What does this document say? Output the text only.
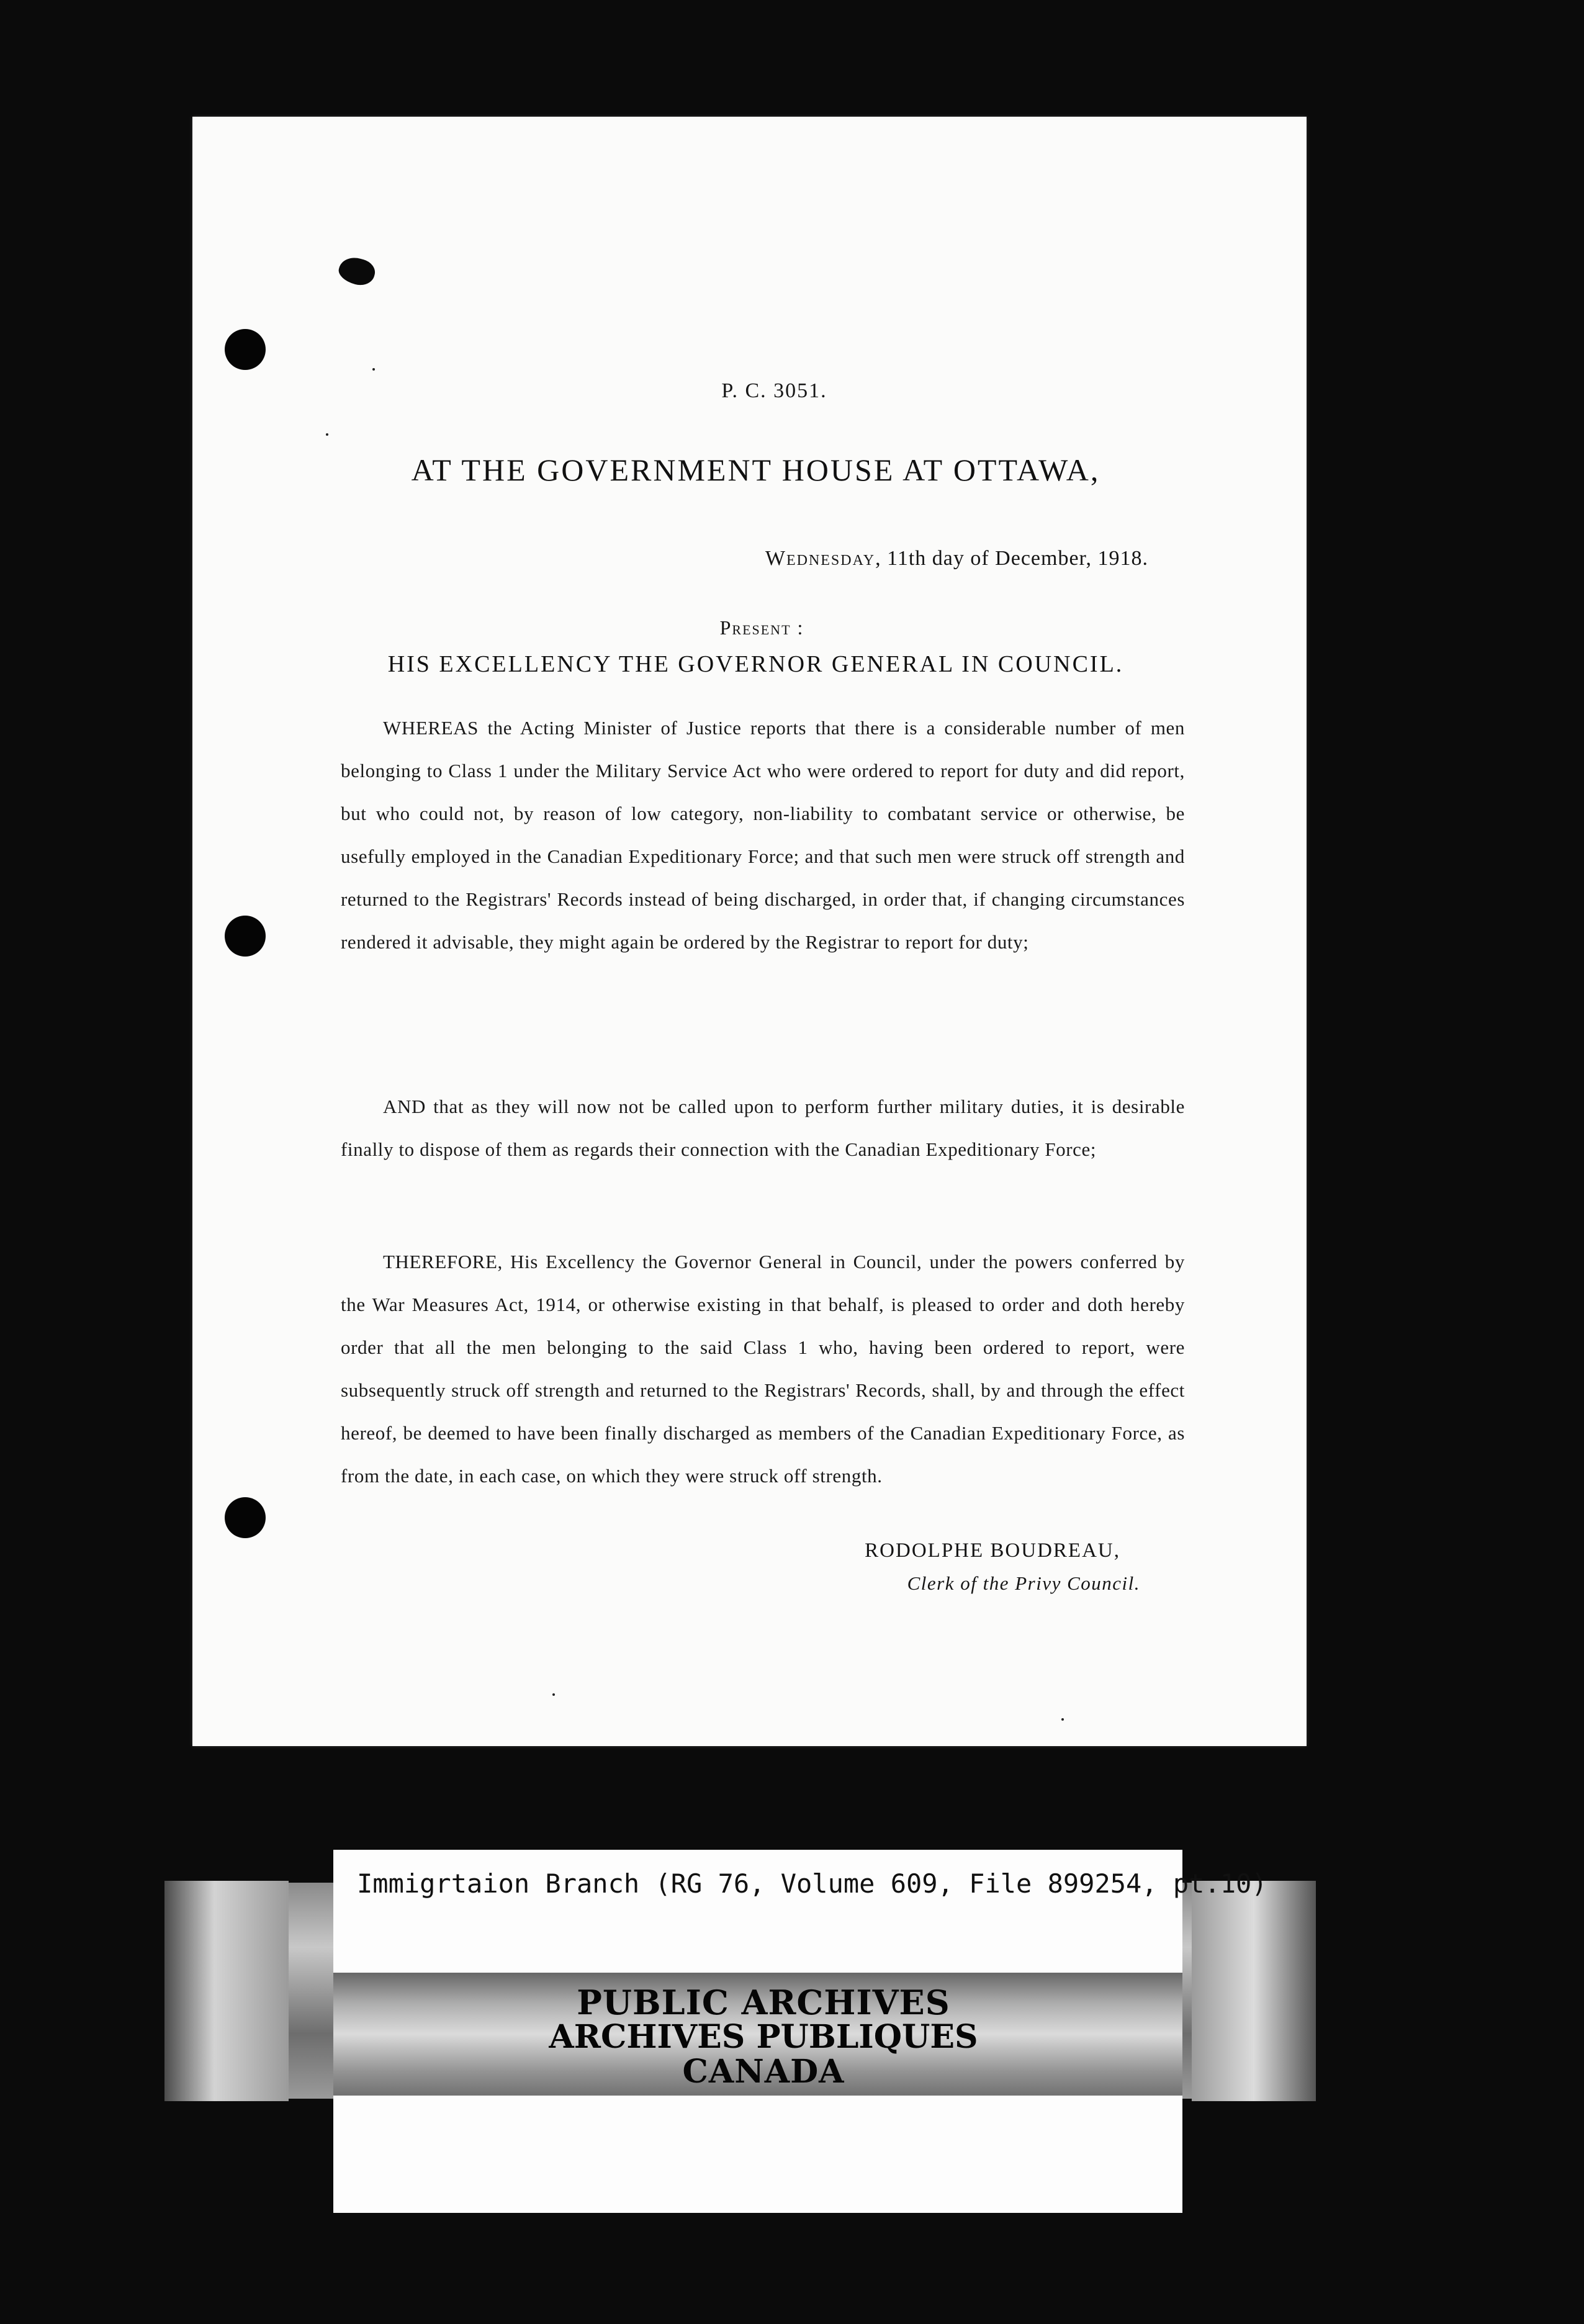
P. C. 3051.
AT THE GOVERNMENT HOUSE AT OTTAWA,
Wednesday, 11th day of December, 1918.
Present :
HIS EXCELLENCY THE GOVERNOR GENERAL IN COUNCIL.
WHEREAS the Acting Minister of Justice reports that there is a considerable number of men belonging to Class 1 under the Military Service Act who were ordered to report for duty and did report, but who could not, by reason of low category, non-liability to combatant service or otherwise, be usefully employed in the Canadian Expeditionary Force; and that such men were struck off strength and returned to the Registrars' Records instead of being discharged, in order that, if changing circumstances rendered it advisable, they might again be ordered by the Registrar to report for duty;
AND that as they will now not be called upon to perform further military duties, it is desirable finally to dispose of them as regards their connection with the Canadian Expeditionary Force;
THEREFORE, His Excellency the Governor General in Council, under the powers conferred by the War Measures Act, 1914, or otherwise existing in that behalf, is pleased to order and doth hereby order that all the men belonging to the said Class 1 who, having been ordered to report, were subsequently struck off strength and returned to the Registrars' Records, shall, by and through the effect hereof, be deemed to have been finally discharged as members of the Canadian Expeditionary Force, as from the date, in each case, on which they were struck off strength.
RODOLPHE BOUDREAU,
Clerk of the Privy Council.
Immigrtaion Branch (RG 76, Volume 609, File 899254, pt.10)
PUBLIC ARCHIVES
ARCHIVES PUBLIQUES
CANADA
